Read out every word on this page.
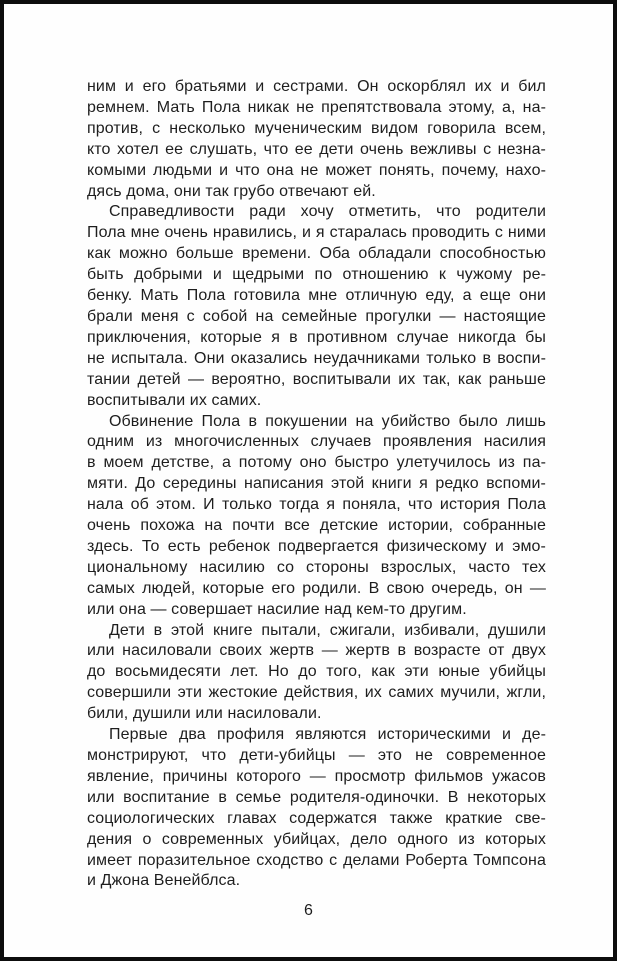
ним и его братьями и сестрами. Он оскорблял их и бил
ремнем. Мать Пола никак не препятствовала этому, а, на-
против, с несколько мученическим видом говорила всем,
кто хотел ее слушать, что ее дети очень вежливы с незна-
комыми людьми и что она не может понять, почему, нахо-
дясь дома, они так грубо отвечают ей.
Справедливости ради хочу отметить, что родители
Пола мне очень нравились, и я старалась проводить с ними
как можно больше времени. Оба обладали способностью
быть добрыми и щедрыми по отношению к чужому ре-
бенку. Мать Пола готовила мне отличную еду, а еще они
брали меня с собой на семейные прогулки — настоящие
приключения, которые я в противном случае никогда бы
не испытала. Они оказались неудачниками только в воспи-
тании детей — вероятно, воспитывали их так, как раньше
воспитывали их самих.
Обвинение Пола в покушении на убийство было лишь
одним из многочисленных случаев проявления насилия
в моем детстве, а потому оно быстро улетучилось из па-
мяти. До середины написания этой книги я редко вспоми-
нала об этом. И только тогда я поняла, что история Пола
очень похожа на почти все детские истории, собранные
здесь. То есть ребенок подвергается физическому и эмо-
циональному насилию со стороны взрослых, часто тех
самых людей, которые его родили. В свою очередь, он —
или она — совершает насилие над кем-то другим.
Дети в этой книге пытали, сжигали, избивали, душили
или насиловали своих жертв — жертв в возрасте от двух
до восьмидесяти лет. Но до того, как эти юные убийцы
совершили эти жестокие действия, их самих мучили, жгли,
били, душили или насиловали.
Первые два профиля являются историческими и де-
монстрируют, что дети-убийцы — это не современное
явление, причины которого — просмотр фильмов ужасов
или воспитание в семье родителя-одиночки. В некоторых
социологических главах содержатся также краткие све-
дения о современных убийцах, дело одного из которых
имеет поразительное сходство с делами Роберта Томпсона
и Джона Венейблса.
6
